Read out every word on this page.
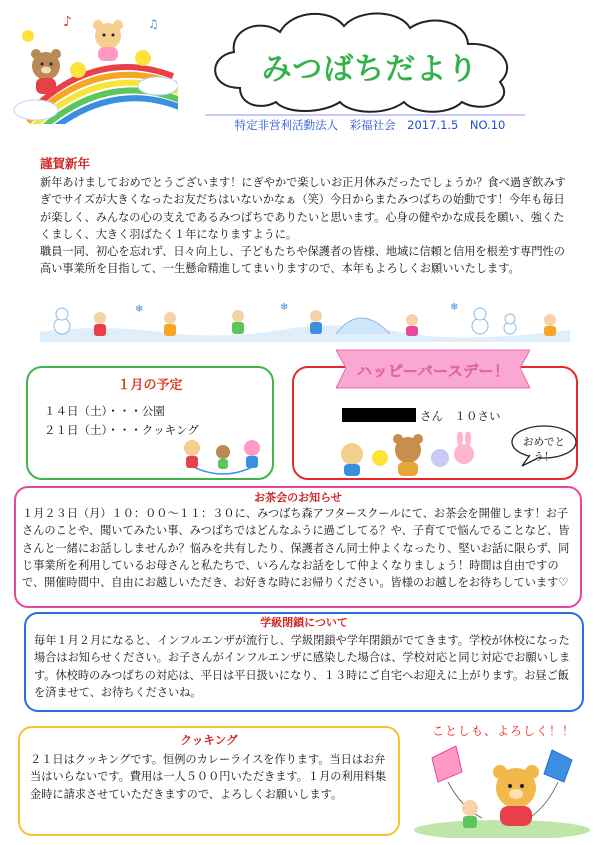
♪	♫
みつばちだより
特定非営利活動法人　彩福社会　2017.1.5　NO.10
謹賀新年

新年あけましておめでとうございます！にぎやかで楽しいお正月休みだったでしょうか？食べ過ぎ飲みすぎでサイズが大きくなったお友だちはいないかなぁ（笑）今日からまたみつばちの始動です！今年も毎日が楽しく、みんなの心の支えであるみつばちでありたいと思います。心身の健やかな成長を願い、強くたくましく、大きく羽ばたく１年になりますように。

職員一同、初心を忘れず、日々向上し、子どもたちや保護者の皆様、地域に信頼と信用を根差す専門性の高い事業所を目指して、一生懸命精進してまいりますので、本年もよろしくお願いいたします。

❄	❄	❄
１月の予定
１４日（土）・・・公園
２１日（土）・・・クッキング
ハッピーバースデー！
さん　１０さい
おめでとう！
お茶会のお知らせ
１月２３日（月）１０：００～１１：３０に、みつばち森アフタースクールにて、お茶会を開催します！お子さんのことや、聞いてみたい事、みつばちではどんなふうに過ごしてる？や、子育てで悩んでることなど、皆さんと一緒にお話ししませんか？悩みを共有したり、保護者さん同士仲よくなったり、堅いお話に限らず、同じ事業所を利用しているお母さんと私たちで、いろんなお話をして仲よくなりましょう！時間は自由ですので、開催時間中、自由にお越しいただき、お好きな時にお帰りください。皆様のお越しをお待ちしています♡
学級閉鎖について
毎年１月２月になると、インフルエンザが流行し、学級閉鎖や学年閉鎖がでてきます。学校が休校になった場合はお知らせください。お子さんがインフルエンザに感染した場合は、学校対応と同じ対応でお願いします。休校時のみつばちの対応は、平日は平日扱いになり、１３時にご自宅へお迎えに上がります。お昼ご飯を済ませて、お待ちくださいね。
クッキング
２１日はクッキングです。恒例のカレーライスを作ります。当日はお弁当はいらないです。費用は一人５００円いただきます。１月の利用料集金時に請求させていただきますので、よろしくお願いします。
ことしも、よろしく！！
